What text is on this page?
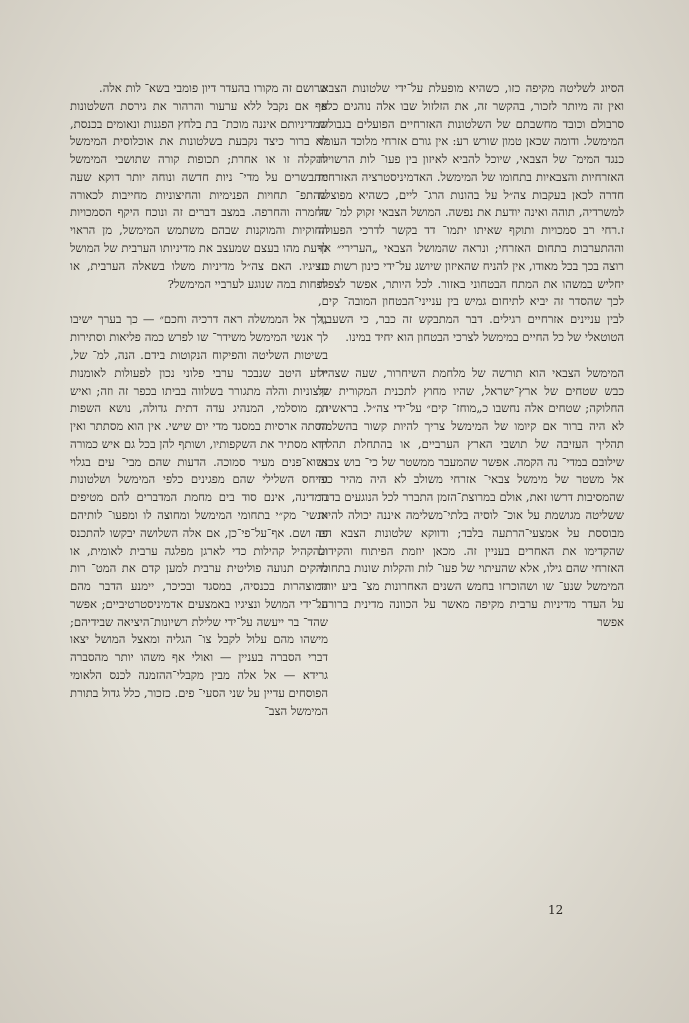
הסיוג לשליטה מקיפה כזו, כשהיא מופעלת על־ידי שלטונות הצבא. ואין זה מיותר לזכור, בהקשר זה, את הזלזול שבו אלה נוהגים כלפי סרבולם וכובד מחשבתם של השלטונות האזרחיים הפועלים בגבולות המימשל. ודומה שכאן טמון שורש רע: אין גורם אזרחי מלוכד העומד כנגד המימ־ של הצבאי, שיוכל להביא לאיזון בין פעו־ לות הרשויות האזרחיות והצבאיות בתחומו של המימשל. האדמיניסטרציה האזרחית חדרה לכאן בעקבות צה״ל על בהונות הרג־ ליים, כשהיא מפוצלת למשרדיה, תוהה ואינה יודעת את נפשה. המושל הצבאי זקוק למ־ של ז.רחי רב סמכויות ותוקף שאיתו יתמו־ דד בקשר לדרכי הפעולה וההתערבות בתחום האזרחי; ונראה שהמושל הצבאי „הערירי״ אף רוצה בכך בכל מאודו, אין להניח שהאיזון שיושג על־ידי כינון רשות כזו יחליש במשהו את המתח הבטחוני באזור. לכל היותר, אפשר לצפות לכך שהסדר זה יביא לתיחום גמיש בין ענייני־הבטחון המובה־ קים, לבין עניינים אזרחיים רגילים. דבר המתבקש זה כבר, כי השעבוד הטוטאלי של כל החיים במימשל לצרכי הבטחון הוא יחיד במינו.

המימשל הצבאי הוא תורשה של מלחמת השיחרור, שעה שצה״ל כבש שטחים של ארץ־ישראל, שהיו מחוץ לתכנית המקורית של החלוקה; שטחים אלה נחשבו כ„מוחז־ קים״ על־ידי צה״ל. בראשית, לא היה ברור אם קיומו של המימשל צריך להיות קשור בהשלמת תהליך העזיבה של תושבי הארץ הערביים, או בהתחלת תהליך שילובם במדי־ נה הקמה. אפשר שהמעבר ממשטר של כי־ בוש צבאי אל משטר של מימשל צבאי־ אזרחי משולב לא היה מהיר כפי שהמסיבות דרשו זאת, אולם במרוצת־הזמן התברר לכל הנוגעים בדבר ששליטה מגושמת על אוכ־ לוסיה בלתי־משלימה איננה יכולה להיות מבוססת על אמצעי־הרתעה בלבד; ודווקא שלטונות הצבא הם שהקדימו את האחרים בעניין זה. מכאן יוזמת הפיתוח והקידום האזרחי שהם גילו, אלא שהעיתוי של פעו־ לות והקלות שונות בתחומי המימשל שנע־ שו ושהוכרזו בחמש השנים האחרונות מצ־ ביע יותר על העדר מדיניות ערבית מקיפה מאשר על הכוונה מדינית ברורה. אפשר

שרושם זה מקורו בהעדר דיון פומבי בשא־ לות אלה.

אף אם נקבל ללא ערעור והרהור את גירסת השלטונות שמדיניותם איננה מוכת־ בת בלחץ הפגנות ונאומים בכנסת, לא ברור כיצד נקבעת בשלטונות את אוכלוסית המימשל להקלה זו או אחרת; תכופות קורה שתושבי המימשל מתבשרים על מדי־ ניות חדשה ונוחה יותר דוקא שעה שהתפ־ תחויות הפנימיות והחיצוניות מחייבות לכאורה החמרה והחרפה. במצב דברים זה ונוכח היקף הסמכויות החוקיות והמוקנות שבהם משתמש המימשל, מן הראוי לדעת מהו בעצם שמעצב את מדיניותו הערבית של המושל ונציגיו. האם צה״ל מדיניות משלו בשאלה הערבית, או לפחות במה שנוגע לערביי המימשל?

„לך אל הממשלה ראה דרכיה וחכם״ — כך בערך ישיבו לך אנשי המימשל משידר־ שו לפרש כמה פליאות וסתירות בשיטות השליטה והפיקוח הנקוטות בידם. הנה, למ־ של, ידוע היטב שנבכר ערבי פלוני נכון לפעולות לאומנות קיצוניות והלה מתגורר בשלווה בביתו בכפר זה וזה; ואיש דת מוסלמי, המנהיג עדה דתית גדולה, נושא השפות הסתה ארסיות במסגד מדי יום שישי. אין הוא מסתתר ואין הוא מסתיר את השקפותיו, ושותף להן בכל גם איש כמורה נשוא־פנים מעיר סמוכה. הדעות שהם מבי־ עים בגלוי והיחס השלילי שהם מפגינים כלפי המימשל ושלטונות המדינה, אינם סוד בים מחמת המדברים להם מטיפים אנשי־ מק״י בתחומי המימשל ומחוצה לו ומפעו־ לותיהם פה ושם. אף־על־פי־כן, אם אלה השלושה יבקשו להתכנס ולהקהיל קהילות כדי לארגן מפלגה ערבית לאומית, או להקים תנועה פוליטית ערבית למען קדם את המט־ רות המוצהרות בכנסיה, במסגד ובכיכר, יימנע הדבר מהם על־ידי המושל ונציגיו באמצעים אדמיניסטרטיביים; אפשר שהד־ בר ייעשה על־ידי שלילת רשיונות־היציאה שבידיהם; מישהו מהם עלול לקבל צו־ הגליה ומאצל המושל יצאו דברי הסברה בעניין — ואולי אף משהו יותר מהסברה גרידא — אל אלה מבין מקבלי־ההזמנה לכנס הלאומי הפוסחים עדיין על שני הסעי־ פים. כזכור, כלל גדול בתורת המימשל הצב־

12
